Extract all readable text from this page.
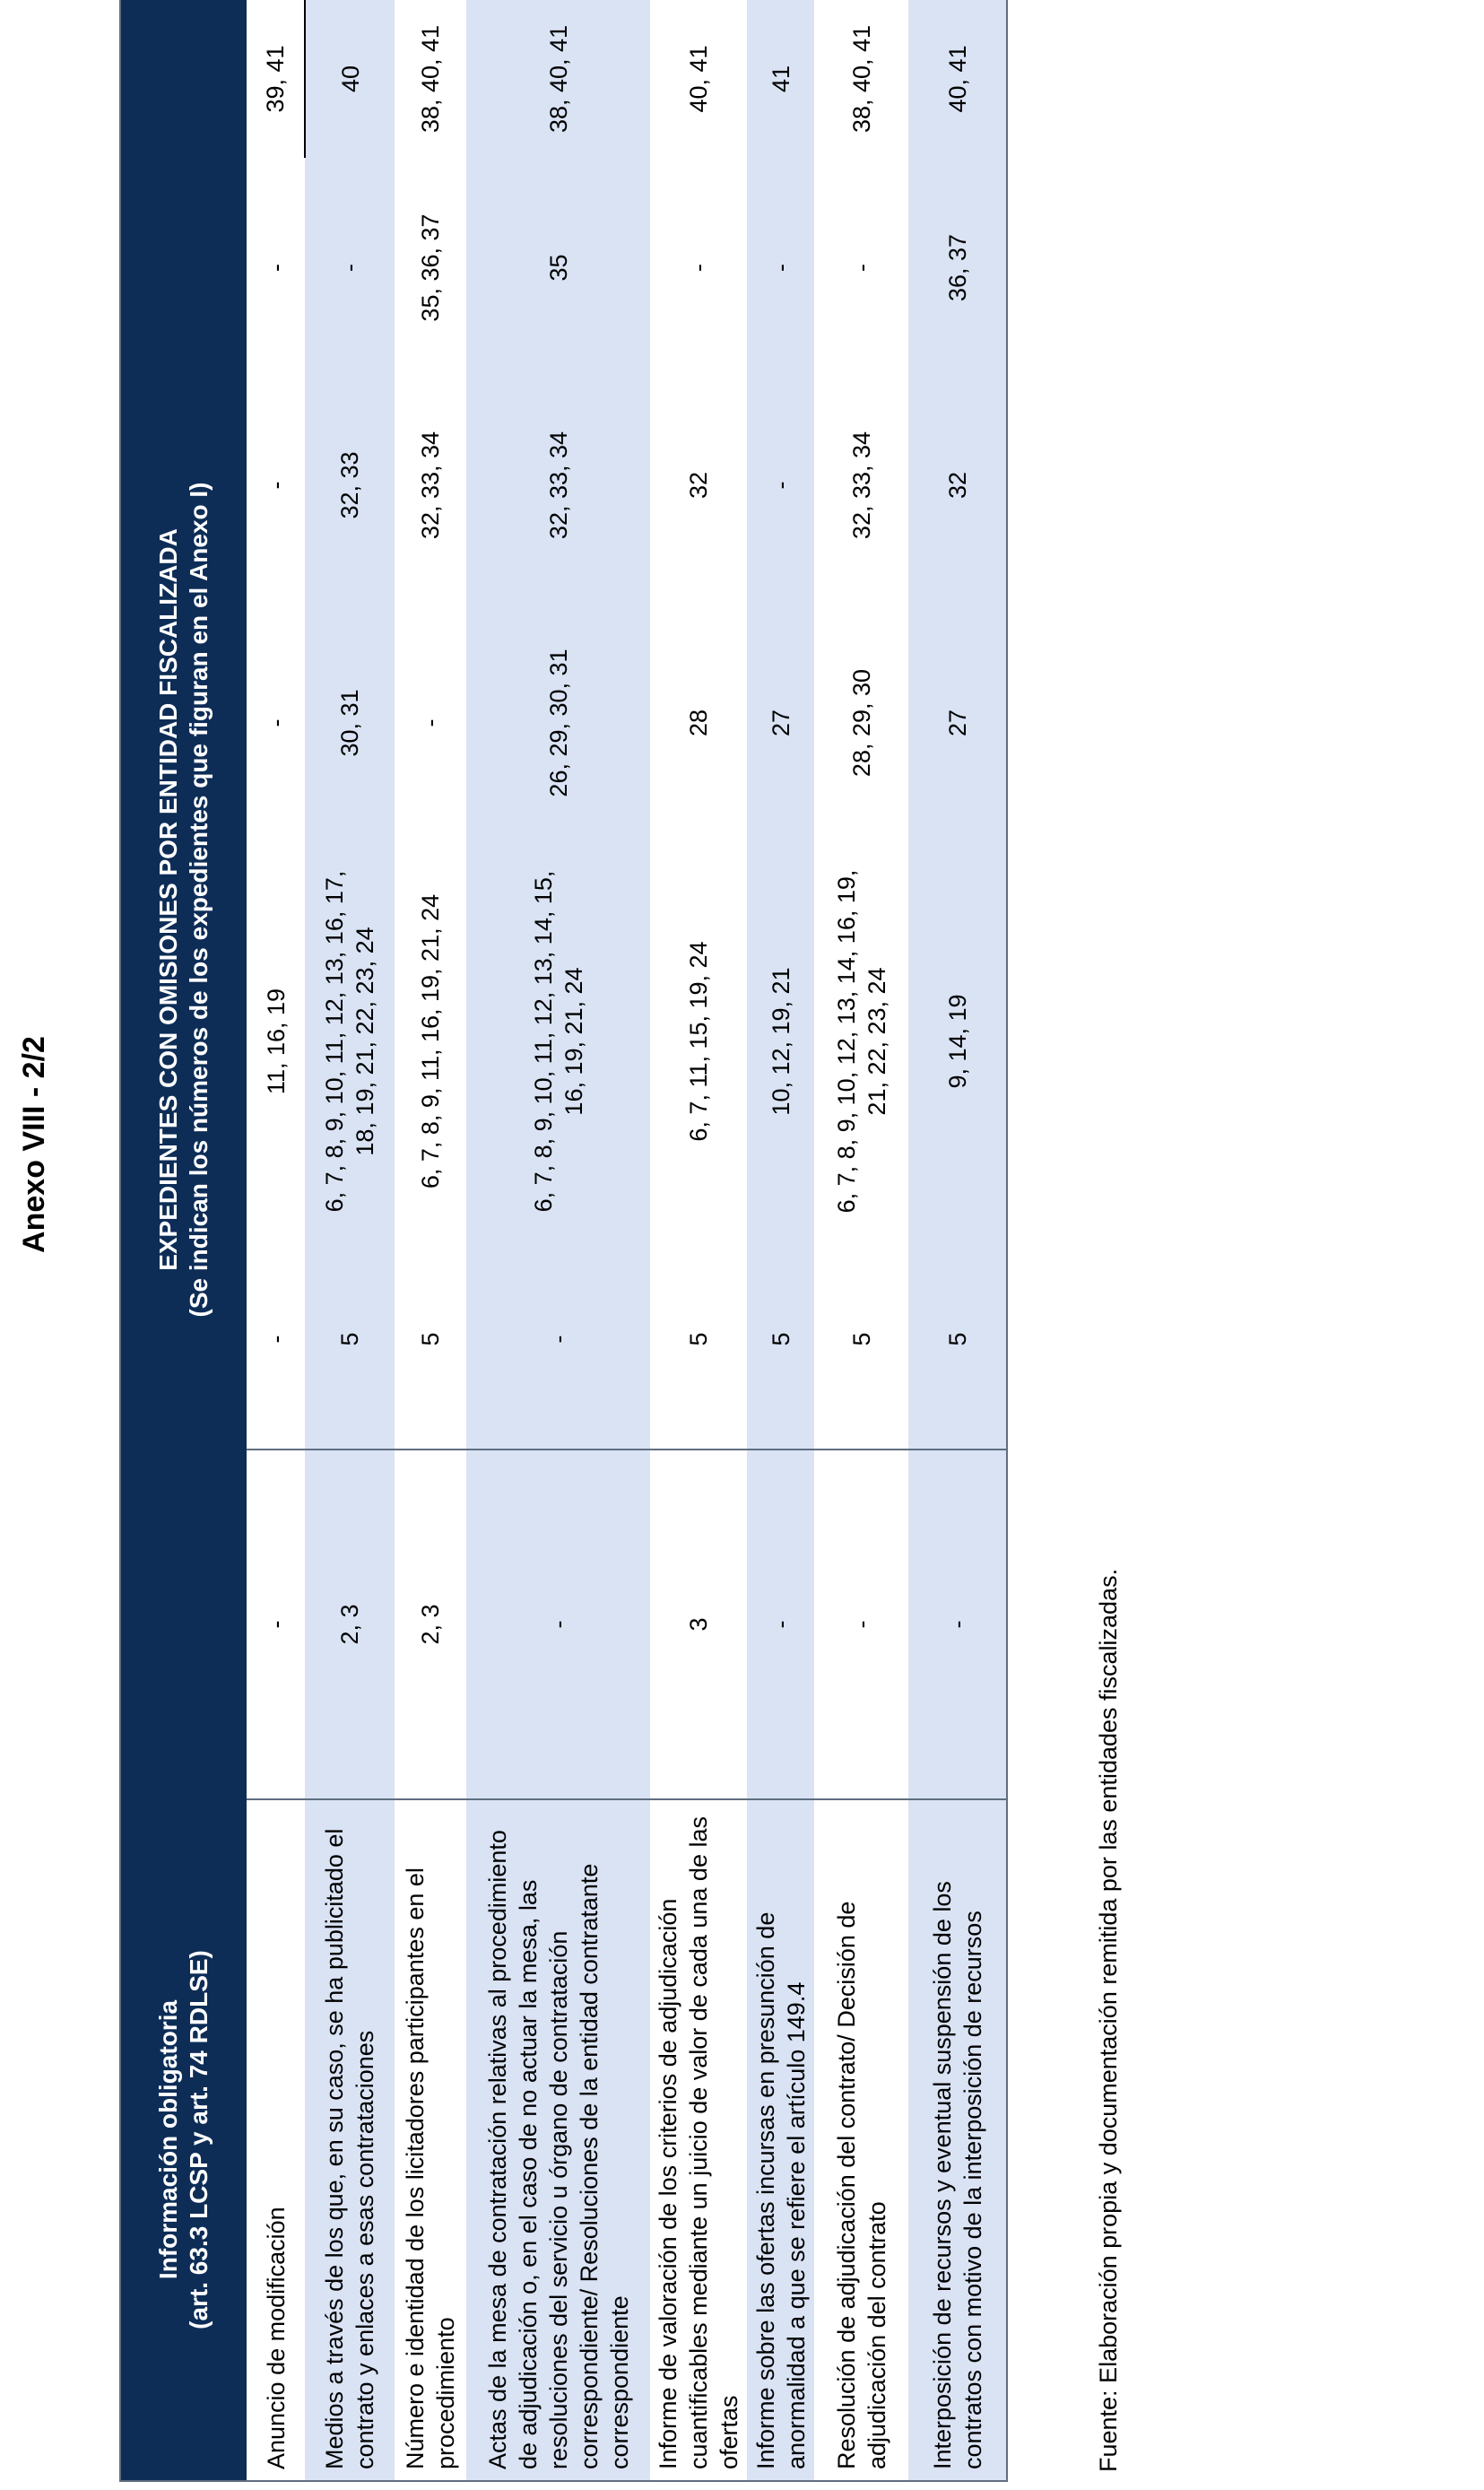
Anexo VIII - 2/2
Información obligatoria (art. 63.3 LCSP y art. 74 RDLSE)	EXPEDIENTES CON OMISIONES POR ENTIDAD FISCALIZADA (Se indican los números de los expedientes que figuran en el Anexo I)						

Anuncio de modificación	-	-	11, 16, 19	-	-	-	39, 41
Medios a través de los que, en su caso, se ha publicitado el contrato y enlaces a esas contrataciones	2, 3	5	6, 7, 8, 9, 10, 11, 12, 13, 16, 17, 18, 19, 21, 22, 23, 24	30, 31	32, 33	-	40
Número e identidad de los licitadores participantes en el procedimiento	2, 3	5	6, 7, 8, 9, 11, 16, 19, 21, 24	-	32, 33, 34	35, 36, 37	38, 40, 41
Actas de la mesa de contratación relativas al procedimiento de adjudicación o, en el caso de no actuar la mesa, las resoluciones del servicio u órgano de contratación correspondiente/ Resoluciones de la entidad contratante correspondiente	-	-	6, 7, 8, 9, 10, 11, 12, 13, 14, 15, 16, 19, 21, 24	26, 29, 30, 31	32, 33, 34	35	38, 40, 41
Informe de valoración de los criterios de adjudicación cuantificables mediante un juicio de valor de cada una de las ofertas	3	5	6, 7, 11, 15, 19, 24	28	32	-	40, 41
Informe sobre las ofertas incursas en presunción de anormalidad a que se refiere el artículo 149.4	-	5	10, 12, 19, 21	27	-	-	41
Resolución de adjudicación del contrato/ Decisión de adjudicación del contrato	-	5	6, 7, 8, 9, 10, 12, 13, 14, 16, 19, 21, 22, 23, 24	28, 29, 30	32, 33, 34	-	38, 40, 41
Interposición de recursos y eventual suspensión de los contratos con motivo de la interposición de recursos	-	5	9, 14, 19	27	32	36, 37	40, 41
Fuente: Elaboración propia y documentación remitida por las entidades fiscalizadas.
